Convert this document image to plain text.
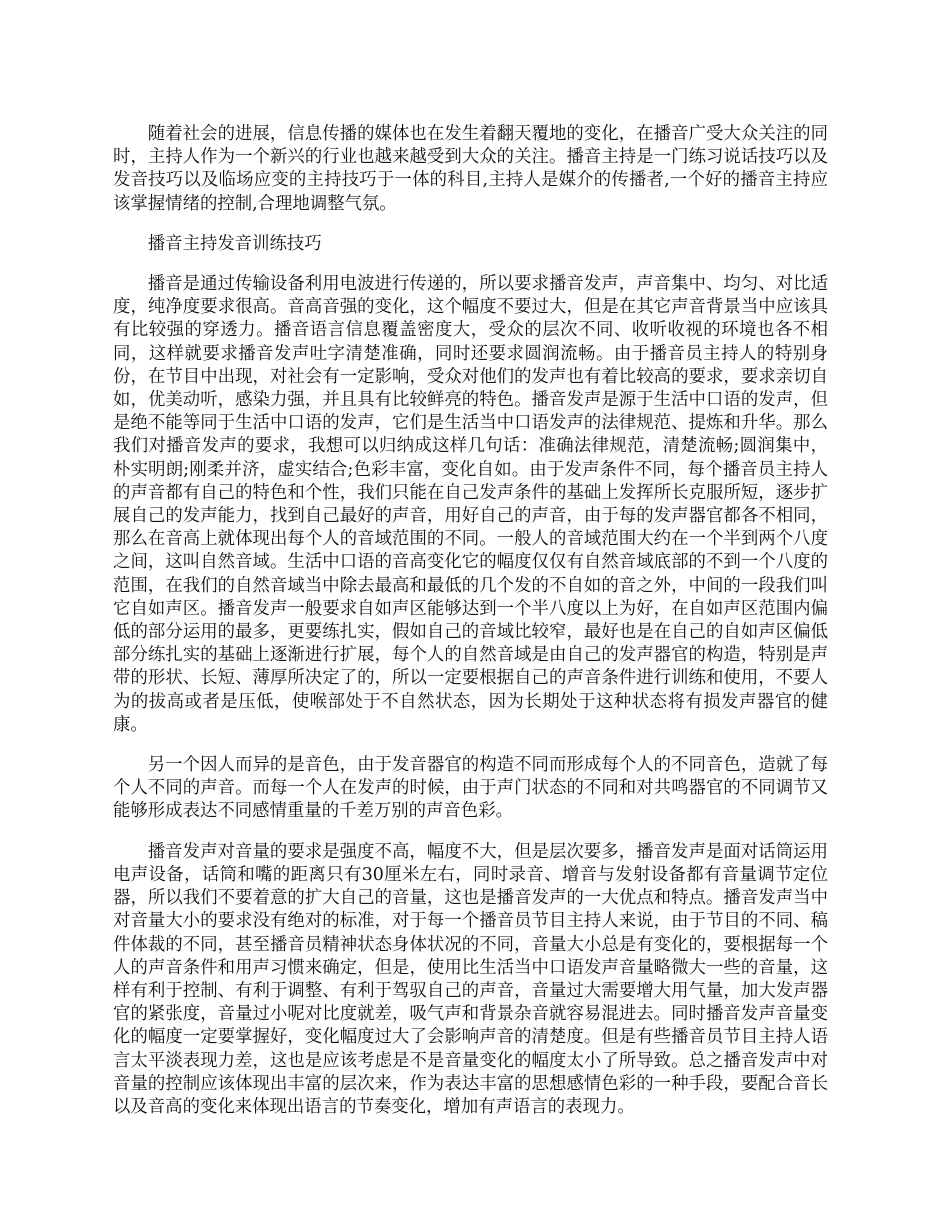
随着社会的进展，信息传播的媒体也在发生着翻天覆地的变化，在播音广受大众关注的同时，主持人作为一个新兴的行业也越来越受到大众的关注。播音主持是一门练习说话技巧以及发音技巧以及临场应变的主持技巧于一体的科目,主持人是媒介的传播者,一个好的播音主持应该掌握情绪的控制,合理地调整气氛。

播音主持发音训练技巧

播音是通过传输设备利用电波进行传递的，所以要求播音发声，声音集中、均匀、对比适度，纯净度要求很高。音高音强的变化，这个幅度不要过大，但是在其它声音背景当中应该具有比较强的穿透力。播音语言信息覆盖密度大，受众的层次不同、收听收视的环境也各不相同，这样就要求播音发声吐字清楚准确，同时还要求圆润流畅。由于播音员主持人的特别身份，在节目中出现，对社会有一定影响，受众对他们的发声也有着比较高的要求，要求亲切自如，优美动听，感染力强，并且具有比较鲜亮的特色。播音发声是源于生活中口语的发声，但是绝不能等同于生活中口语的发声，它们是生活当中口语发声的法律规范、提炼和升华。那么我们对播音发声的要求，我想可以归纳成这样几句话：准确法律规范，清楚流畅;圆润集中，朴实明朗;刚柔并济，虚实结合;色彩丰富，变化自如。由于发声条件不同，每个播音员主持人的声音都有自己的特色和个性，我们只能在自己发声条件的基础上发挥所长克服所短，逐步扩展自己的发声能力，找到自己最好的声音，用好自己的声音，由于每的发声器官都各不相同，那么在音高上就体现出每个人的音域范围的不同。一般人的音域范围大约在一个半到两个八度之间，这叫自然音域。生活中口语的音高变化它的幅度仅仅有自然音域底部的不到一个八度的范围，在我们的自然音域当中除去最高和最低的几个发的不自如的音之外，中间的一段我们叫它自如声区。播音发声一般要求自如声区能够达到一个半八度以上为好，在自如声区范围内偏低的部分运用的最多，更要练扎实，假如自己的音域比较窄，最好也是在自己的自如声区偏低部分练扎实的基础上逐渐进行扩展，每个人的自然音域是由自己的发声器官的构造，特别是声带的形状、长短、薄厚所决定了的，所以一定要根据自己的声音条件进行训练和使用，不要人为的拔高或者是压低，使喉部处于不自然状态，因为长期处于这种状态将有损发声器官的健康。

另一个因人而异的是音色，由于发音器官的构造不同而形成每个人的不同音色，造就了每个人不同的声音。而每一个人在发声的时候，由于声门状态的不同和对共鸣器官的不同调节又能够形成表达不同感情重量的千差万别的声音色彩。

播音发声对音量的要求是强度不高，幅度不大，但是层次要多，播音发声是面对话筒运用电声设备，话筒和嘴的距离只有30厘米左右，同时录音、增音与发射设备都有音量调节定位器，所以我们不要着意的扩大自己的音量，这也是播音发声的一大优点和特点。播音发声当中对音量大小的要求没有绝对的标准，对于每一个播音员节目主持人来说，由于节目的不同、稿件体裁的不同，甚至播音员精神状态身体状况的不同，音量大小总是有变化的，要根据每一个人的声音条件和用声习惯来确定，但是，使用比生活当中口语发声音量略微大一些的音量，这样有利于控制、有利于调整、有利于驾驭自己的声音，音量过大需要增大用气量，加大发声器官的紧张度，音量过小呢对比度就差，吸气声和背景杂音就容易混进去。同时播音发声音量变化的幅度一定要掌握好，变化幅度过大了会影响声音的清楚度。但是有些播音员节目主持人语言太平淡表现力差，这也是应该考虑是不是音量变化的幅度太小了所导致。总之播音发声中对音量的控制应该体现出丰富的层次来，作为表达丰富的思想感情色彩的一种手段，要配合音长以及音高的变化来体现出语言的节奏变化，增加有声语言的表现力。
